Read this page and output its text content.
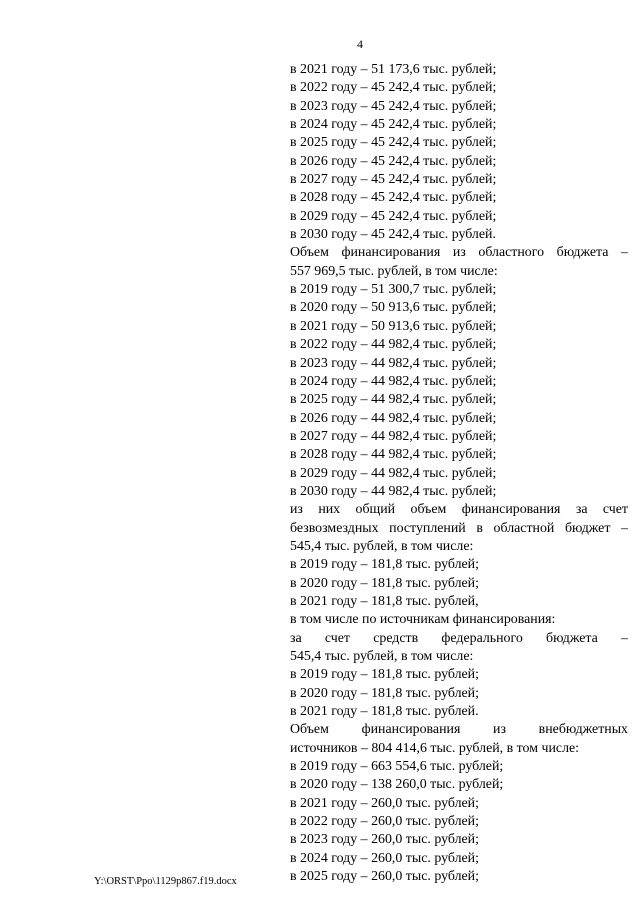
4
в 2021 году – 51 173,6 тыс. рублей;
в 2022 году – 45 242,4 тыс. рублей;
в 2023 году – 45 242,4 тыс. рублей;
в 2024 году – 45 242,4 тыс. рублей;
в 2025 году – 45 242,4 тыс. рублей;
в 2026 году – 45 242,4 тыс. рублей;
в 2027 году – 45 242,4 тыс. рублей;
в 2028 году – 45 242,4 тыс. рублей;
в 2029 году – 45 242,4 тыс. рублей;
в 2030 году – 45 242,4 тыс. рублей.
Объем финансирования из областного бюджета –
557 969,5 тыс. рублей, в том числе:
в 2019 году – 51 300,7 тыс. рублей;
в 2020 году – 50 913,6 тыс. рублей;
в 2021 году – 50 913,6 тыс. рублей;
в 2022 году – 44 982,4 тыс. рублей;
в 2023 году – 44 982,4 тыс. рублей;
в 2024 году – 44 982,4 тыс. рублей;
в 2025 году – 44 982,4 тыс. рублей;
в 2026 году – 44 982,4 тыс. рублей;
в 2027 году – 44 982,4 тыс. рублей;
в 2028 году – 44 982,4 тыс. рублей;
в 2029 году – 44 982,4 тыс. рублей;
в 2030 году – 44 982,4 тыс. рублей;
из них общий объем финансирования за счет
безвозмездных поступлений в областной бюджет –
545,4 тыс. рублей, в том числе:
в 2019 году – 181,8 тыс. рублей;
в 2020 году – 181,8 тыс. рублей;
в 2021 году – 181,8 тыс. рублей,
в том числе по источникам финансирования:
за счет средств федерального бюджета –
545,4 тыс. рублей, в том числе:
в 2019 году – 181,8 тыс. рублей;
в 2020 году – 181,8 тыс. рублей;
в 2021 году – 181,8 тыс. рублей.
Объем финансирования из внебюджетных
источников – 804 414,6 тыс. рублей, в том числе:
в 2019 году – 663 554,6 тыс. рублей;
в 2020 году – 138 260,0 тыс. рублей;
в 2021 году – 260,0 тыс. рублей;
в 2022 году – 260,0 тыс. рублей;
в 2023 году – 260,0 тыс. рублей;
в 2024 году – 260,0 тыс. рублей;
в 2025 году – 260,0 тыс. рублей;
Y:\ORST\Ppo\1129p867.f19.docx
